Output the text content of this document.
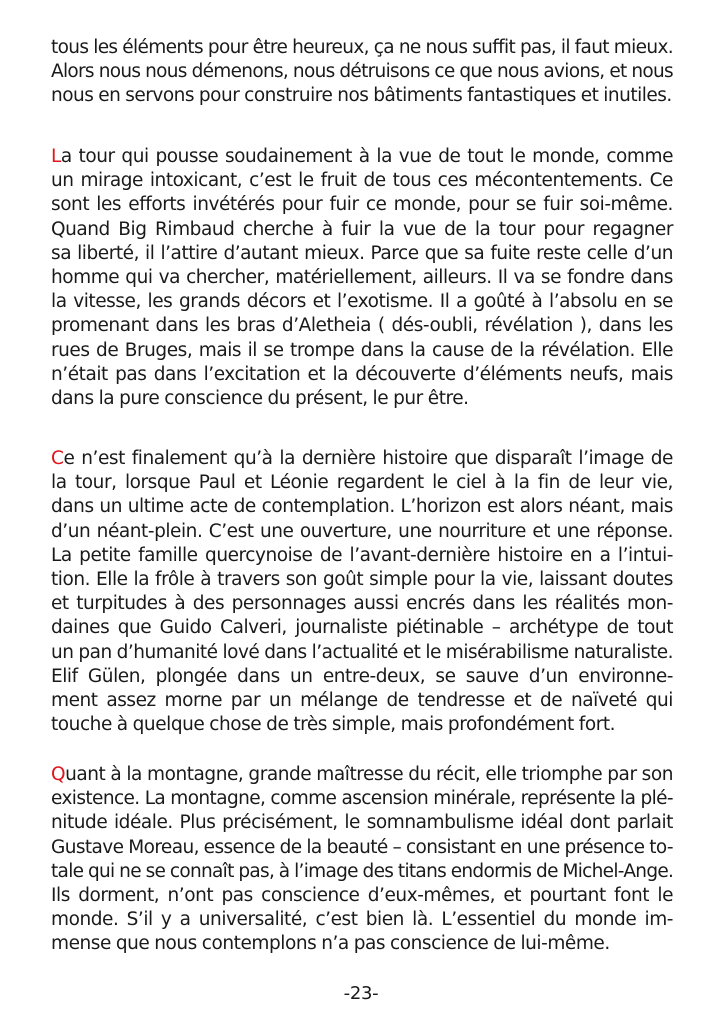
tous les éléments pour être heureux, ça ne nous suffit pas, il faut mieux.
Alors nous nous démenons, nous détruisons ce que nous avions, et nous
nous en servons pour construire nos bâtiments fantastiques et inutiles.
La tour qui pousse soudainement à la vue de tout le monde, comme
un mirage intoxicant, c’est le fruit de tous ces mécontentements. Ce
sont les efforts invétérés pour fuir ce monde, pour se fuir soi-même.
Quand Big Rimbaud cherche à fuir la vue de la tour pour regagner
sa liberté, il l’attire d’autant mieux. Parce que sa fuite reste celle d’un
homme qui va chercher, matériellement, ailleurs. Il va se fondre dans
la vitesse, les grands décors et l’exotisme. Il a goûté à l’absolu en se
promenant dans les bras d’Aletheia ( dés-oubli, révélation ), dans les
rues de Bruges, mais il se trompe dans la cause de la révélation. Elle
n’était pas dans l’excitation et la découverte d’éléments neufs, mais
dans la pure conscience du présent, le pur être.
Ce n’est finalement qu’à la dernière histoire que disparaît l’image de
la tour, lorsque Paul et Léonie regardent le ciel à la fin de leur vie,
dans un ultime acte de contemplation. L’horizon est alors néant, mais
d’un néant-plein. C’est une ouverture, une nourriture et une réponse.
La petite famille quercynoise de l’avant-dernière histoire en a l’intui-
tion. Elle la frôle à travers son goût simple pour la vie, laissant doutes
et turpitudes à des personnages aussi encrés dans les réalités mon-
daines que Guido Calveri, journaliste piétinable – archétype de tout
un pan d’humanité lové dans l’actualité et le misérabilisme naturaliste.
Elif Gülen, plongée dans un entre-deux, se sauve d’un environne-
ment assez morne par un mélange de tendresse et de naïveté qui
touche à quelque chose de très simple, mais profondément fort.
Quant à la montagne, grande maîtresse du récit, elle triomphe par son
existence. La montagne, comme ascension minérale, représente la plé-
nitude idéale. Plus précisément, le somnambulisme idéal dont parlait
Gustave Moreau, essence de la beauté – consistant en une présence to-
tale qui ne se connaît pas, à l’image des titans endormis de Michel-Ange.
Ils dorment, n’ont pas conscience d’eux-mêmes, et pourtant font le
monde. S’il y a universalité, c’est bien là. L’essentiel du monde im-
mense que nous contemplons n’a pas conscience de lui-même.
-23-
